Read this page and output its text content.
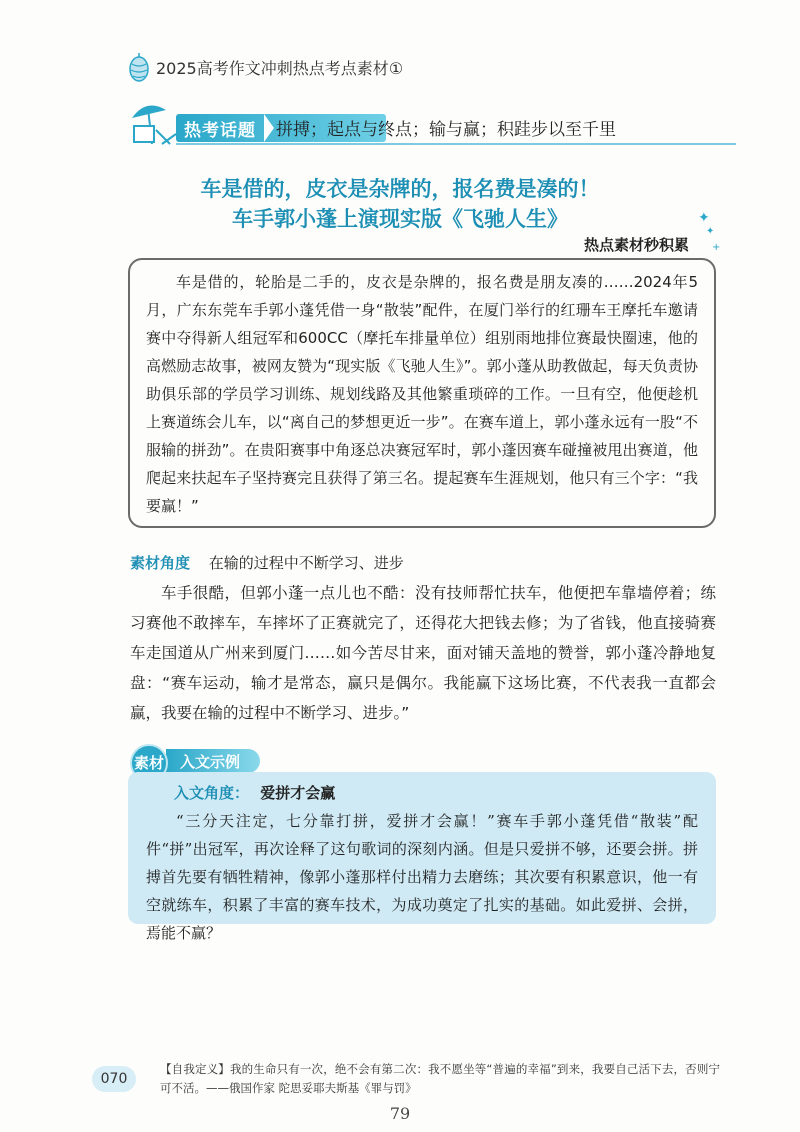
2025高考作文冲刺热点考点素材①
热考话题 拼搏；起点与终点；输与赢；积跬步以至千里
车是借的，皮衣是杂牌的，报名费是凑的！
车手郭小蓬上演现实版《飞驰人生》	✦
✦
+
热点素材秒积累

车是借的，轮胎是二手的，皮衣是杂牌的，报名费是朋友凑的……2024年5月，广东东莞车手郭小蓬凭借一身“散装”配件，在厦门举行的红珊车王摩托车邀请赛中夺得新人组冠军和600CC（摩托车排量单位）组别雨地排位赛最快圈速，他的高燃励志故事，被网友赞为“现实版《飞驰人生》”。郭小蓬从助教做起，每天负责协助俱乐部的学员学习训练、规划线路及其他繁重琐碎的工作。一旦有空，他便趁机上赛道练会儿车，以“离自己的梦想更近一步”。在赛车道上，郭小蓬永远有一股“不服输的拼劲”。在贵阳赛事中角逐总决赛冠军时，郭小蓬因赛车碰撞被甩出赛道，他爬起来扶起车子坚持赛完且获得了第三名。提起赛车生涯规划，他只有三个字：“我要赢！”

素材角度 在输的过程中不断学习、进步

车手很酷，但郭小蓬一点儿也不酷：没有技师帮忙扶车，他便把车靠墙停着；练习赛他不敢摔车，车摔坏了正赛就完了，还得花大把钱去修；为了省钱，他直接骑赛车走国道从广州来到厦门……如今苦尽甘来，面对铺天盖地的赞誉，郭小蓬冷静地复盘：“赛车运动，输才是常态，赢只是偶尔。我能赢下这场比赛，不代表我一直都会赢，我要在输的过程中不断学习、进步。”

入文示例
素材
入文角度： 爱拼才会赢

“三分天注定，七分靠打拼，爱拼才会赢！”赛车手郭小蓬凭借“散装”配件“拼”出冠军，再次诠释了这句歌词的深刻内涵。但是只爱拼不够，还要会拼。拼搏首先要有牺牲精神，像郭小蓬那样付出精力去磨练；其次要有积累意识，他一有空就练车，积累了丰富的赛车技术，为成功奠定了扎实的基础。如此爱拼、会拼，焉能不赢？

070

【自我定义】我的生命只有一次，绝不会有第二次：我不愿坐等“普遍的幸福”到来，我要自己活下去，否则宁可不活。——俄国作家 陀思妥耶夫斯基《罪与罚》

79
